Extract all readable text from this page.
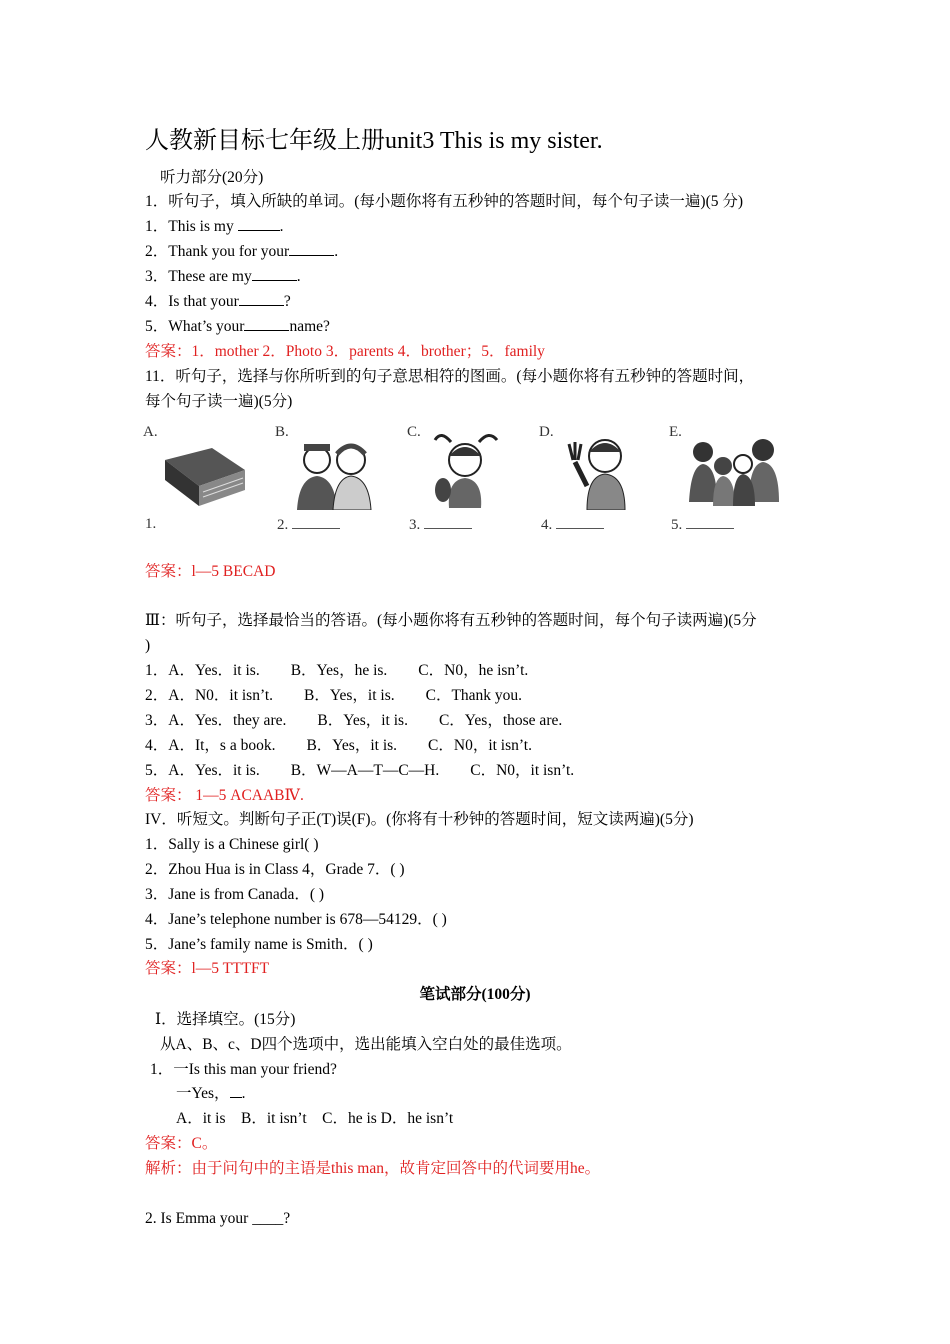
人教新目标七年级上册unit3 This is my sister.
听力部分(20分)
1．听句子，填入所缺的单词。(每小题你将有五秒钟的答题时间，每个句子读一遍)(5 分)
1．This is my	.
2．Thank you for your	.
3．These are my	.
4．Is that your	?
5．What’s your	name?
答案：1．mother 2．Photo 3．parents 4．brother；5．family
11．听句子，选择与你所听到的句子意思相符的图画。(每小题你将有五秒钟的答题时间，
每个句子读一遍)(5分)
A.
1.
B.
2.
C.
3.
D.
4.
E.
5.
答案：l—5 BECAD
Ⅲ：听句子，选择最恰当的答语。(每小题你将有五秒钟的答题时间，每个句子读两遍)(5分
)
1．A．Yes．it is.　　B．Yes，he is.　　C．N0，he isn’t.
2．A．N0．it isn’t.　　B．Yes，it is.　　C．Thank you.
3．A．Yes．they are.　　B．Yes，it is.　　C．Yes，those are.
4．A．It，s a book.　　B．Yes，it is.　　C．N0，it isn’t.
5．A．Yes．it is.　　B．W—A—T—C—H.　　C．N0，it isn’t.
答案： 1—5 ACAABⅣ.
IV．听短文。判断句子正(T)误(F)。(你将有十秒钟的答题时间，短文读两遍)(5分)
1．Sally is a Chinese girl( )
2．Zhou Hua is in Class 4，Grade 7．( )
3．Jane is from Canada．( )
4．Jane’s telephone number is 678—54129．( )
5．Jane’s family name is Smith．( )
答案：l—5 TTTFT
笔试部分(100分)
Ⅰ．选择填空。(15分)
从A、B、c、D四个选项中，选出能填入空白处的最佳选项。
1．一Is this man your friend?
一Yes， .
A．it is　B．it isn’t　C．he is D．he isn’t
答案：C。
解析：由于问句中的主语是this man，故肯定回答中的代词要用he。
2. Is Emma your ____?
